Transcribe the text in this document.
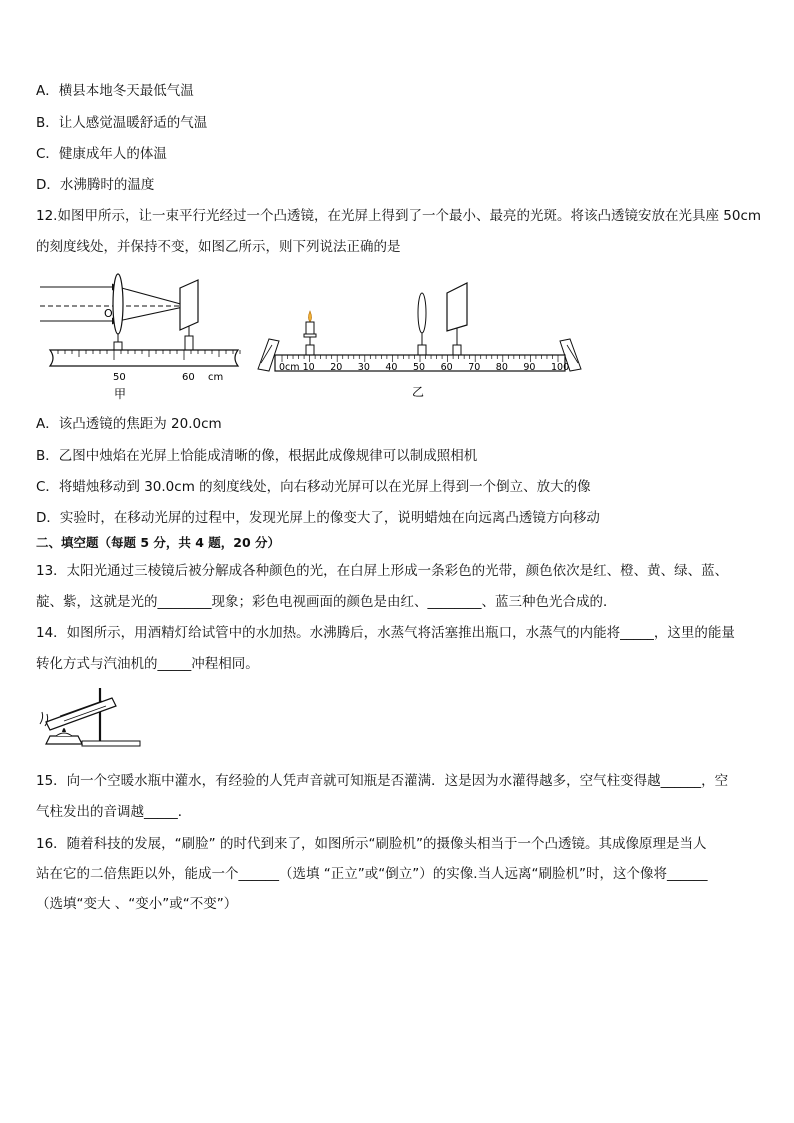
A．横县本地冬天最低气温
B．让人感觉温暖舒适的气温
C．健康成年人的体温
D．水沸腾时的温度
12.如图甲所示，让一束平行光经过一个凸透镜，在光屏上得到了一个最小、最亮的光斑。将该凸透镜安放在光具座 50cm
的刻度线处，并保持不变，如图乙所示，则下列说法正确的是
O
50	60 cm
甲
0cm 10 20 30 40 50 60 70 80 90 100
乙
A．该凸透镜的焦距为 20.0cm
B．乙图中烛焰在光屏上恰能成清晰的像，根据此成像规律可以制成照相机
C．将蜡烛移动到 30.0cm 的刻度线处，向右移动光屏可以在光屏上得到一个倒立、放大的像
D．实验时，在移动光屏的过程中，发现光屏上的像变大了，说明蜡烛在向远离凸透镜方向移动
二、填空题（每题 5 分，共 4 题，20 分）
13．太阳光通过三棱镜后被分解成各种颜色的光，在白屏上形成一条彩色的光带，颜色依次是红、橙、黄、绿、蓝、
靛、紫，这就是光的________现象；彩色电视画面的颜色是由红、________、蓝三种色光合成的．
14．如图所示，用酒精灯给试管中的水加热。水沸腾后，水蒸气将活塞推出瓶口，水蒸气的内能将_____，这里的能量
转化方式与汽油机的_____冲程相同。
15．向一个空暖水瓶中灌水，有经验的人凭声音就可知瓶是否灌满．这是因为水灌得越多，空气柱变得越______，空
气柱发出的音调越_____．
16．随着科技的发展，“刷脸” 的时代到来了，如图所示“刷脸机”的摄像头相当于一个凸透镜。其成像原理是当人
站在它的二倍焦距以外，能成一个______（选填 “正立”或“倒立”）的实像.当人远离“刷脸机”时，这个像将______
（选填“变大 、“变小”或“不变”）
